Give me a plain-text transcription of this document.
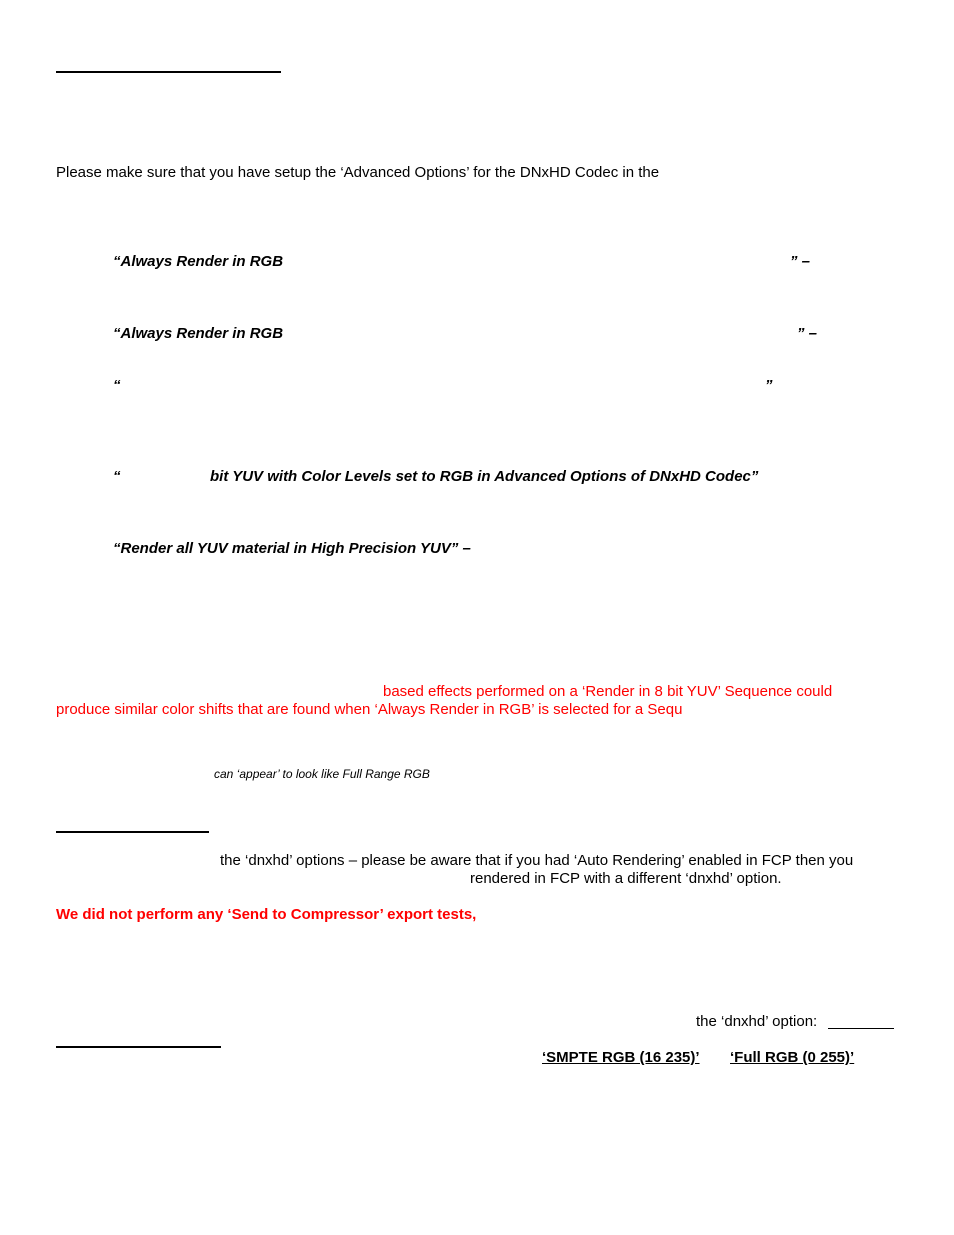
Please make sure that you have setup the ‘Advanced Options’ for the DNxHD Codec in the
“Always Render in RGB	” –
“Always Render in RGB	” –
“	”
“	bit YUV with Color Levels set to RGB in Advanced Options of DNxHD Codec”
“Render all YUV material in High Precision YUV” –
based effects performed on a ‘Render in 8 bit YUV’ Sequence could
produce similar color shifts that are found when ‘Always Render in RGB’ is selected for a Sequ
can ‘appear’ to look like Full Range RGB
the ‘dnxhd’ options – please be aware that if you had ‘Auto Rendering’ enabled in FCP then you
rendered in FCP with a different ‘dnxhd’ option.
We did not perform any ‘Send to Compressor’ export tests,
the ‘dnxhd’ option:
‘SMPTE RGB (16 235)’ ‘Full RGB (0 255)’
